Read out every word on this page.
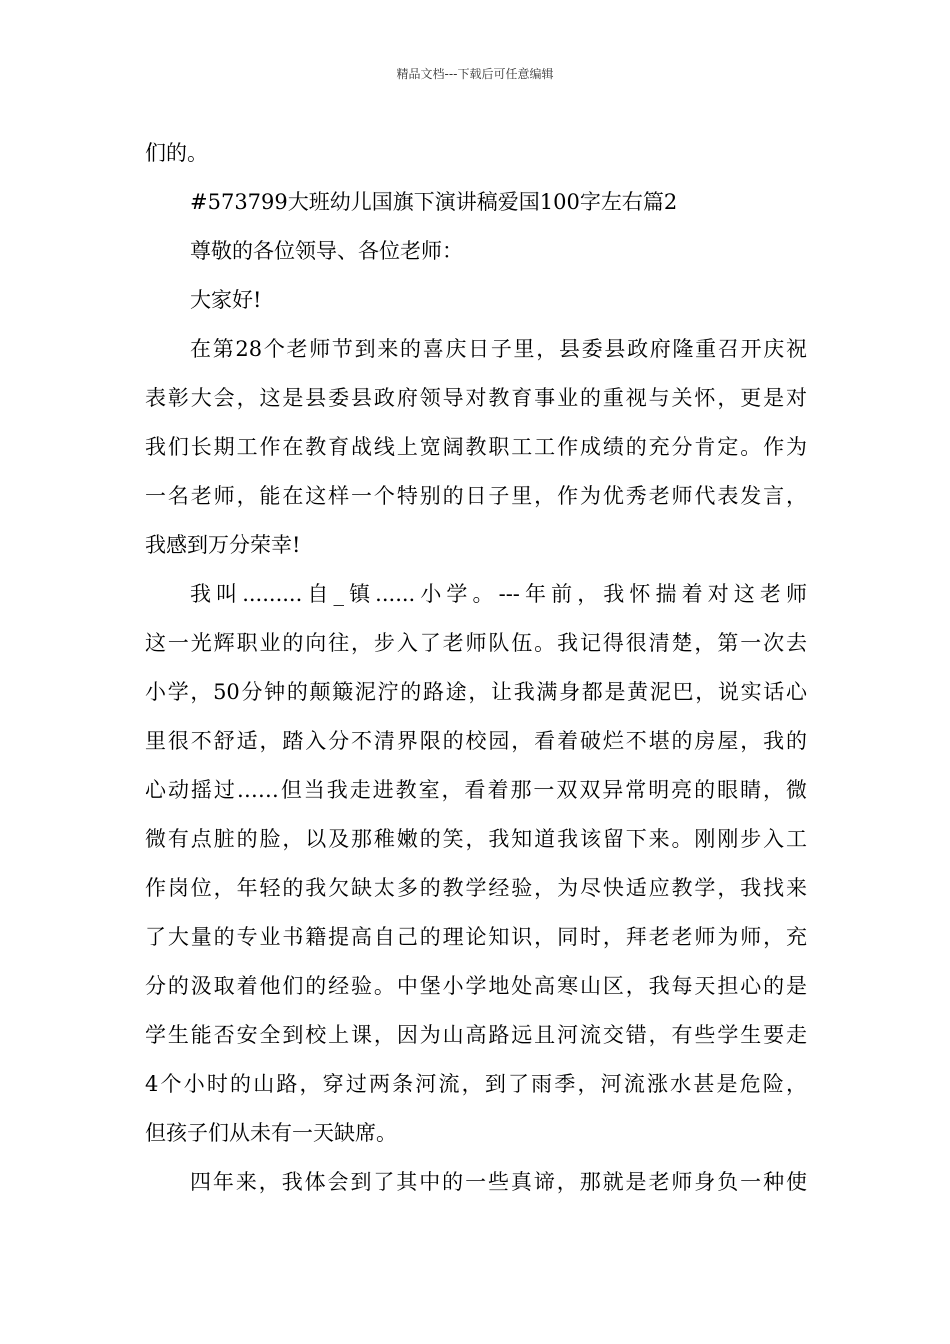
精品文档---下载后可任意编辑
们的。
#573799大班幼儿国旗下演讲稿爱国100字左右篇2
尊敬的各位领导、各位老师：
大家好!
在第28个老师节到来的喜庆日子里，县委县政府隆重召开庆祝
表彰大会，这是县委县政府领导对教育事业的重视与关怀，更是对
我们长期工作在教育战线上宽阔教职工工作成绩的充分肯定。作为
一名老师，能在这样一个特别的日子里，作为优秀老师代表发言，
我感到万分荣幸!
我叫.........自_镇......小学。---年前，我怀揣着对这老师
这一光辉职业的向往，步入了老师队伍。我记得很清楚，第一次去
小学，50分钟的颠簸泥泞的路途，让我满身都是黄泥巴，说实话心
里很不舒适，踏入分不清界限的校园，看着破烂不堪的房屋，我的
心动摇过……但当我走进教室，看着那一双双异常明亮的眼睛，微
微有点脏的脸，以及那稚嫩的笑，我知道我该留下来。刚刚步入工
作岗位，年轻的我欠缺太多的教学经验，为尽快适应教学，我找来
了大量的专业书籍提高自己的理论知识，同时，拜老老师为师，充
分的汲取着他们的经验。中堡小学地处高寒山区，我每天担心的是
学生能否安全到校上课，因为山高路远且河流交错，有些学生要走
4个小时的山路，穿过两条河流，到了雨季，河流涨水甚是危险，
但孩子们从未有一天缺席。
四年来，我体会到了其中的一些真谛，那就是老师身负一种使
